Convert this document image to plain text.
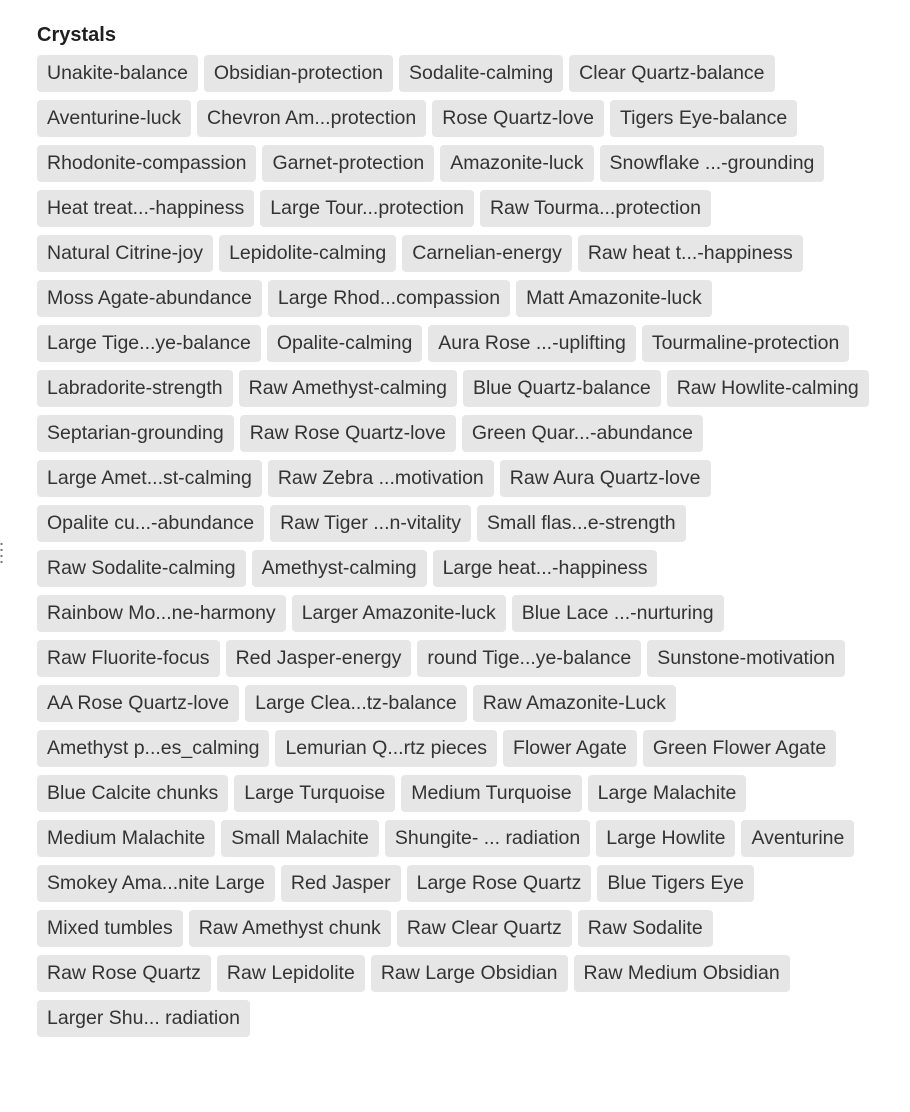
Crystals
Unakite-balance	Obsidian-protection	Sodalite-calming	Clear Quartz-balance
Aventurine-luck	Chevron Am...protection	Rose Quartz-love	Tigers Eye-balance
Rhodonite-compassion	Garnet-protection	Amazonite-luck	Snowflake ...-grounding
Heat treat...-happiness	Large Tour...protection	Raw Tourma...protection
Natural Citrine-joy	Lepidolite-calming	Carnelian-energy	Raw heat t...-happiness
Moss Agate-abundance	Large Rhod...compassion	Matt Amazonite-luck
Large Tige...ye-balance	Opalite-calming	Aura Rose ...-uplifting	Tourmaline-protection
Labradorite-strength	Raw Amethyst-calming	Blue Quartz-balance	Raw Howlite-calming
Septarian-grounding	Raw Rose Quartz-love	Green Quar...-abundance
Large Amet...st-calming	Raw Zebra ...motivation	Raw Aura Quartz-love
Opalite cu...-abundance	Raw Tiger ...n-vitality	Small flas...e-strength
Raw Sodalite-calming	Amethyst-calming	Large heat...-happiness
Rainbow Mo...ne-harmony	Larger Amazonite-luck	Blue Lace ...-nurturing
Raw Fluorite-focus	Red Jasper-energy	round Tige...ye-balance	Sunstone-motivation
AA Rose Quartz-love	Large Clea...tz-balance	Raw Amazonite-Luck
Amethyst p...es_calming	Lemurian Q...rtz pieces	Flower Agate	Green Flower Agate
Blue Calcite chunks	Large Turquoise	Medium Turquoise	Large Malachite
Medium Malachite	Small Malachite	Shungite- ... radiation	Large Howlite	Aventurine
Smokey Ama...nite Large	Red Jasper	Large Rose Quartz	Blue Tigers Eye
Mixed tumbles	Raw Amethyst chunk	Raw Clear Quartz	Raw Sodalite
Raw Rose Quartz	Raw Lepidolite	Raw Large Obsidian	Raw Medium Obsidian
Larger Shu... radiation
